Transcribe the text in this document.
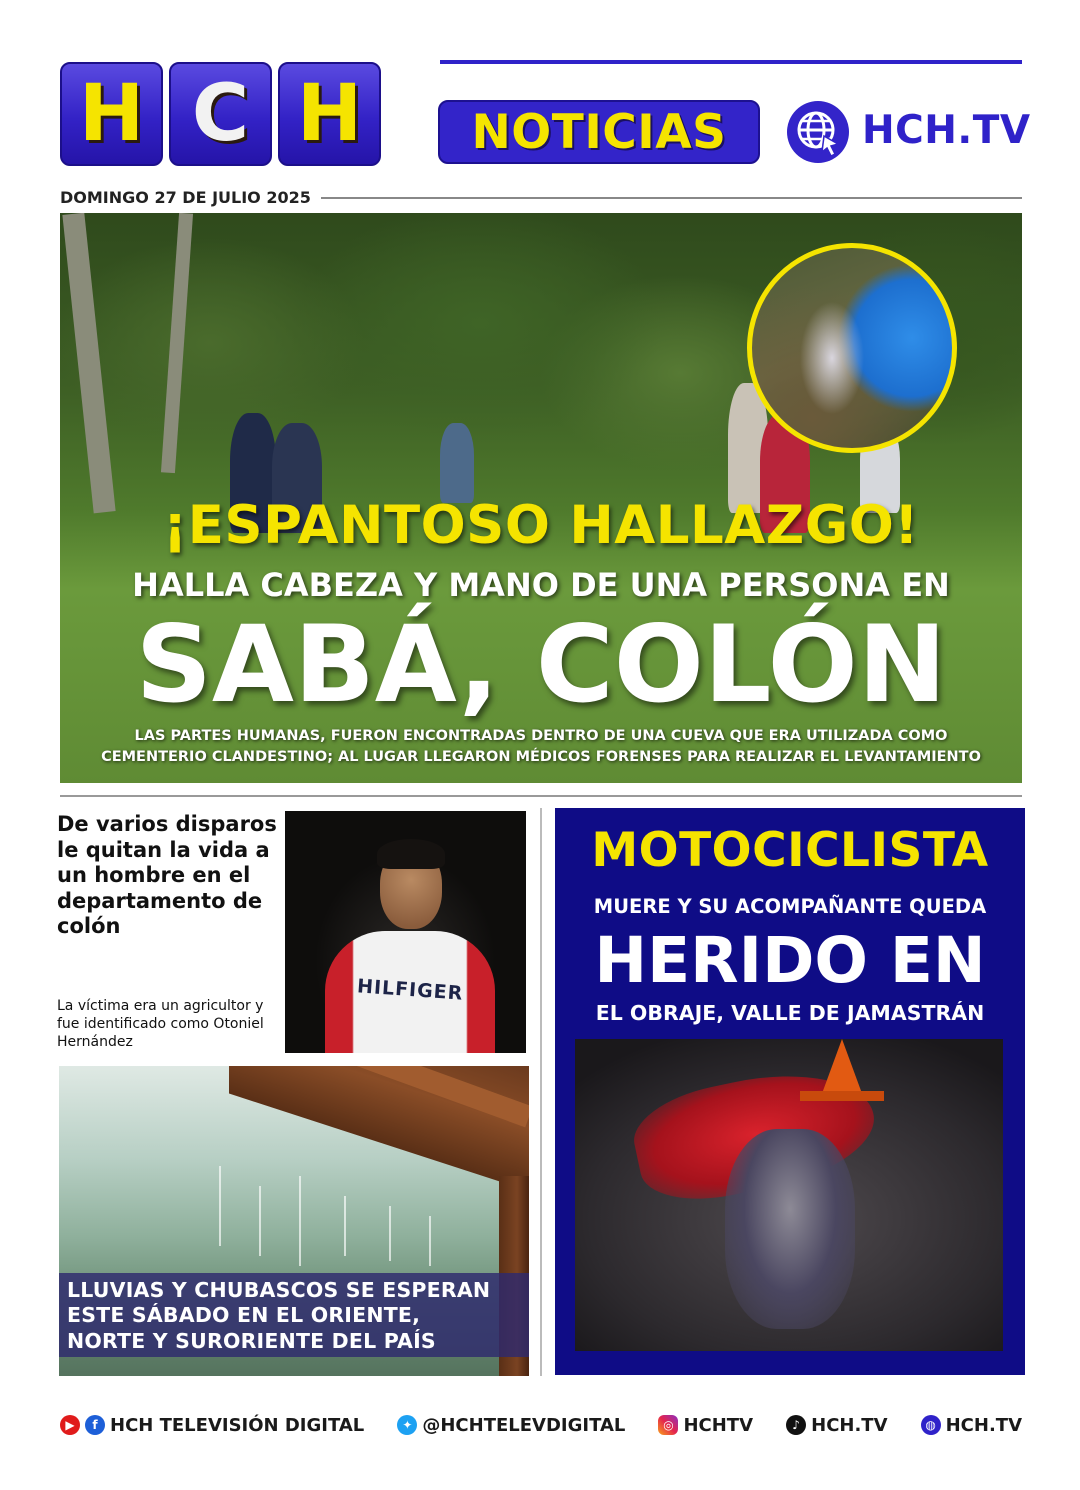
H C H	NOTICIAS	HCH.TV
DOMINGO 27 DE JULIO 2025
¡ESPANTOSO HALLAZGO!
HALLA CABEZA Y MANO DE UNA PERSONA EN
SABÁ, COLÓN
LAS PARTES HUMANAS, FUERON ENCONTRADAS DENTRO DE UNA CUEVA QUE ERA UTILIZADA COMO
CEMENTERIO CLANDESTINO; AL LUGAR LLEGARON MÉDICOS FORENSES PARA REALIZAR EL LEVANTAMIENTO
De varios disparos le quitan la vida a un hombre en el departamento de colón
La víctima era un agricultor y fue identificado como Otoniel Hernández
HILFIGER
LLUVIAS Y CHUBASCOS SE ESPERAN
ESTE SÁBADO EN EL ORIENTE,
NORTE Y SURORIENTE DEL PAÍS
MOTOCICLISTA
MUERE Y SU ACOMPAÑANTE QUEDA
HERIDO EN
EL OBRAJE, VALLE DE JAMASTRÁN
▶	f HCH TELEVISIÓN DIGITAL	✦ @HCHTELEVDIGITAL	◎ HCHTV	♪ HCH.TV	◍ HCH.TV
